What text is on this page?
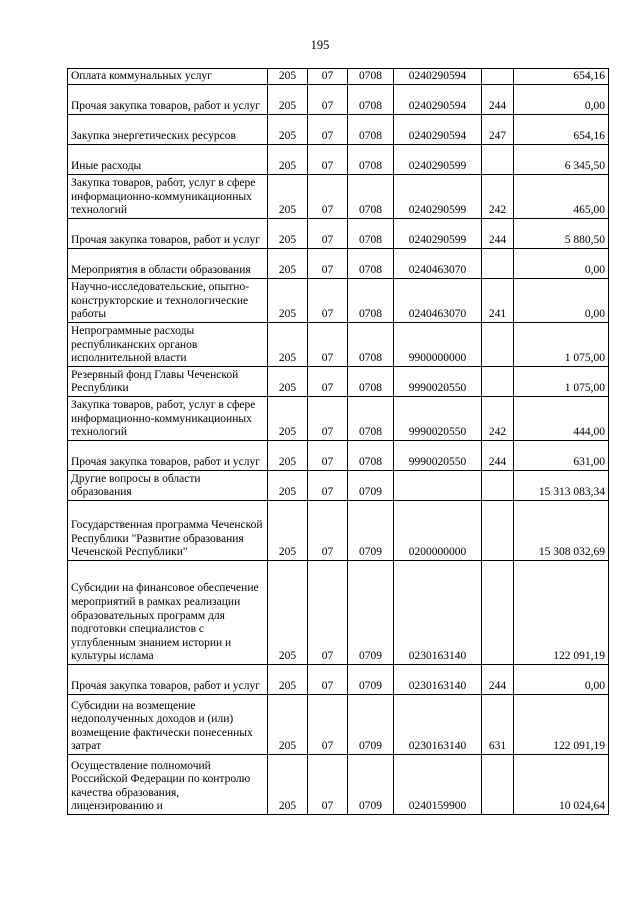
195
Оплата коммунальных услуг	205	07	0708	0240290594		654,16
Прочая закупка товаров, работ и услуг	205	07	0708	0240290594	244	0,00
Закупка энергетических ресурсов	205	07	0708	0240290594	247	654,16
Иные расходы	205	07	0708	0240290599		6 345,50
Закупка товаров, работ, услуг в сфере информационно-коммуникационных технологий	205	07	0708	0240290599	242	465,00
Прочая закупка товаров, работ и услуг	205	07	0708	0240290599	244	5 880,50
Мероприятия в области образования	205	07	0708	0240463070		0,00
Научно-исследовательские, опытно-конструкторские и технологические работы	205	07	0708	0240463070	241	0,00
Непрограммные расходы республиканских органов исполнительной власти	205	07	0708	9900000000		1 075,00
Резервный фонд Главы Чеченской Республики	205	07	0708	9990020550		1 075,00
Закупка товаров, работ, услуг в сфере информационно-коммуникационных технологий	205	07	0708	9990020550	242	444,00
Прочая закупка товаров, работ и услуг	205	07	0708	9990020550	244	631,00
Другие вопросы в области образования	205	07	0709			15 313 083,34
Государственная программа Чеченской Республики "Развитие образования Чеченской Республики"	205	07	0709	0200000000		15 308 032,69
Субсидии на финансовое обеспечение мероприятий в рамках реализации образовательных программ для подготовки специалистов с углубленным знанием истории и культуры ислама	205	07	0709	0230163140		122 091,19
Прочая закупка товаров, работ и услуг	205	07	0709	0230163140	244	0,00
Субсидии на возмещение недополученных доходов и (или) возмещение фактически понесенных затрат	205	07	0709	0230163140	631	122 091,19
Осуществление полномочий Российской Федерации по контролю качества образования, лицензированию и	205	07	0709	0240159900		10 024,64
